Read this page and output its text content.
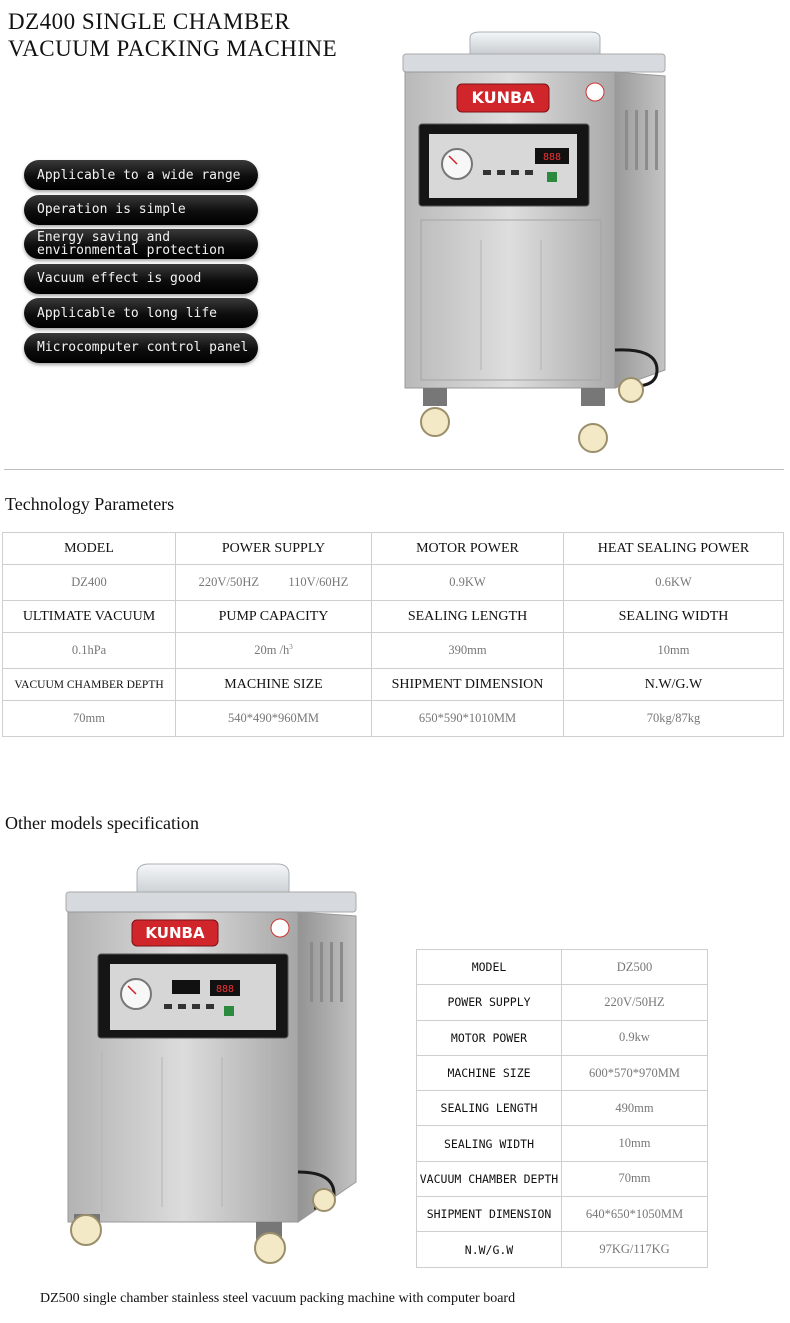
DZ400 SINGLE CHAMBER
VACUUM PACKING MACHINE
Applicable to a wide range
Operation is simple
Energy saving and
environmental protection
Vacuum effect is good
Applicable to long life
Microcomputer control panel
KUNBA
888
Technology Parameters
MODEL	POWER SUPPLY	MOTOR POWER	HEAT SEALING POWER
DZ400	220V/50HZ 110V/60HZ	0.9KW	0.6KW
ULTIMATE VACUUM	PUMP CAPACITY	SEALING LENGTH	SEALING WIDTH
0.1hPa	20m $/h^3$	390mm	10mm
VACUUM CHAMBER DEPTH	MACHINE SIZE	SHIPMENT DIMENSION	N.W/G.W
70mm	540*490*960MM	650*590*1010MM	70kg/87kg
Other models specification
KUNBA
888
MODEL	DZ500
POWER SUPPLY	220V/50HZ
MOTOR POWER	0.9kw
MACHINE SIZE	600*570*970MM
SEALING LENGTH	490mm
SEALING WIDTH	10mm
VACUUM CHAMBER DEPTH	70mm
SHIPMENT DIMENSION	640*650*1050MM
N.W/G.W	97KG/117KG
DZ500 single chamber stainless steel vacuum packing machine with computer board
